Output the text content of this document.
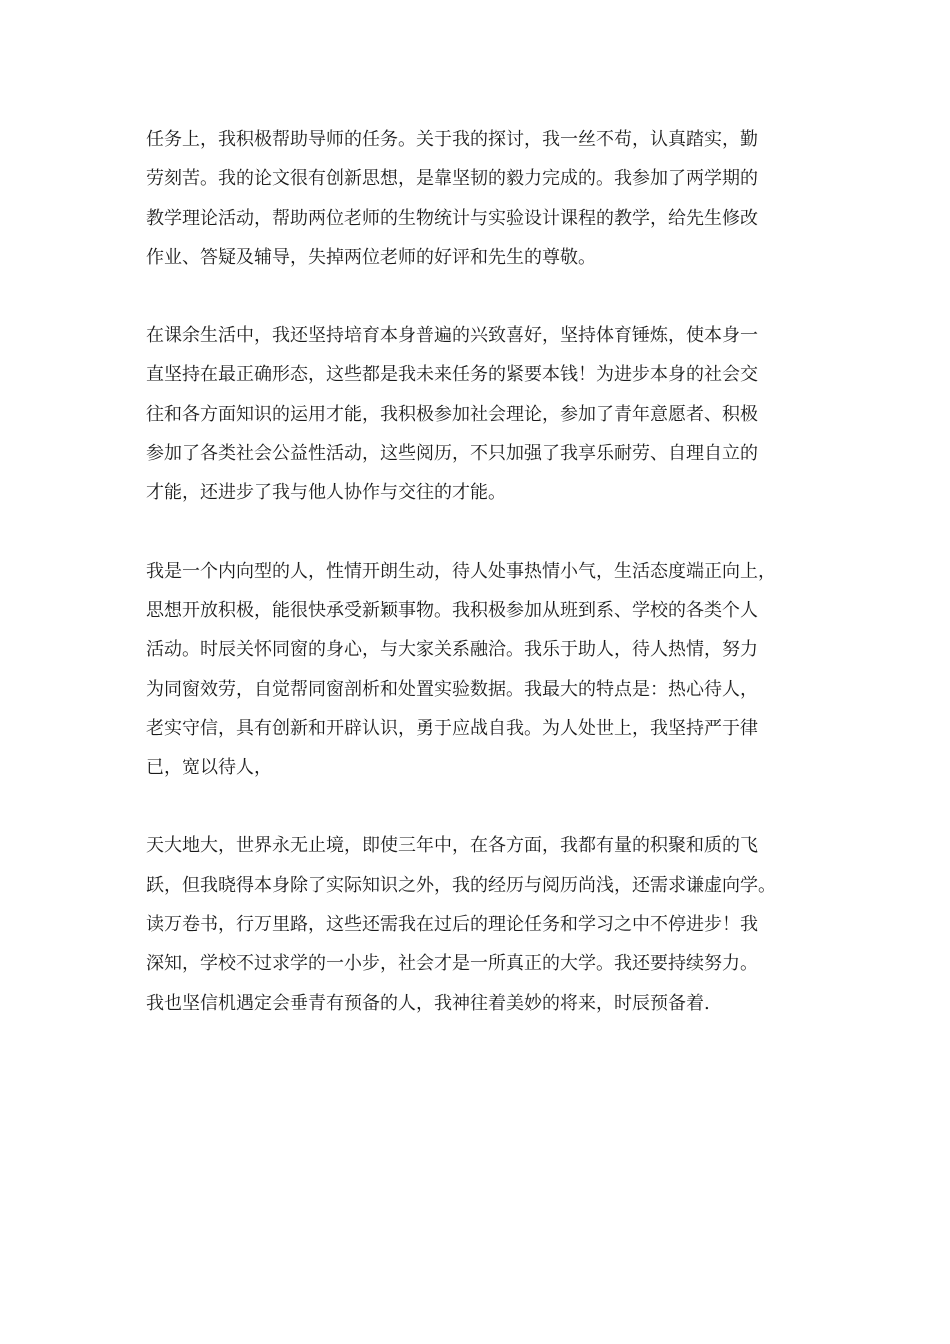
任务上，我积极帮助导师的任务。关于我的探讨，我一丝不苟，认真踏实，勤
劳刻苦。我的论文很有创新思想，是靠坚韧的毅力完成的。我参加了两学期的
教学理论活动，帮助两位老师的生物统计与实验设计课程的教学，给先生修改
作业、答疑及辅导，失掉两位老师的好评和先生的尊敬。

在课余生活中，我还坚持培育本身普遍的兴致喜好，坚持体育锤炼，使本身一
直坚持在最正确形态，这些都是我未来任务的紧要本钱！为进步本身的社会交
往和各方面知识的运用才能，我积极参加社会理论，参加了青年意愿者、积极
参加了各类社会公益性活动，这些阅历，不只加强了我享乐耐劳、自理自立的
才能，还进步了我与他人协作与交往的才能。

我是一个内向型的人，性情开朗生动，待人处事热情小气，生活态度端正向上，
思想开放积极，能很快承受新颖事物。我积极参加从班到系、学校的各类个人
活动。时辰关怀同窗的身心，与大家关系融洽。我乐于助人，待人热情，努力
为同窗效劳，自觉帮同窗剖析和处置实验数据。我最大的特点是：热心待人，
老实守信，具有创新和开辟认识，勇于应战自我。为人处世上，我坚持严于律
已，宽以待人，

天大地大，世界永无止境，即使三年中，在各方面，我都有量的积聚和质的飞
跃，但我晓得本身除了实际知识之外，我的经历与阅历尚浅，还需求谦虚向学。
读万卷书，行万里路，这些还需我在过后的理论任务和学习之中不停进步！我
深知，学校不过求学的一小步，社会才是一所真正的大学。我还要持续努力。
我也坚信机遇定会垂青有预备的人，我神往着美妙的将来，时辰预备着.
